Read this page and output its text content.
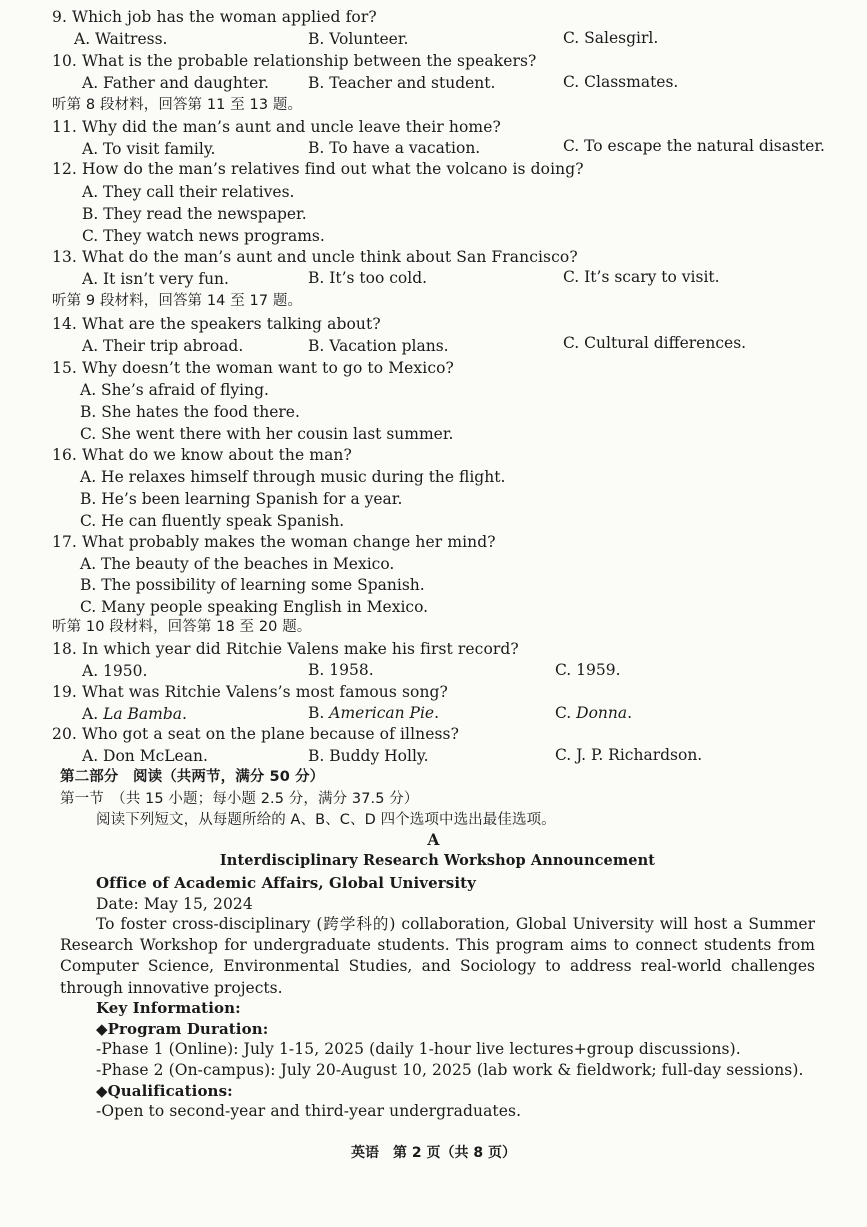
9. Which job has the woman applied for?
A. Waitress.	B. Volunteer.	C. Salesgirl.
10. What is the probable relationship between the speakers?
A. Father and daughter.	B. Teacher and student.	C. Classmates.
听第 8 段材料，回答第 11 至 13 题。
11. Why did the man’s aunt and uncle leave their home?
A. To visit family.	B. To have a vacation.	C. To escape the natural disaster.
12. How do the man’s relatives find out what the volcano is doing?
A. They call their relatives.
B. They read the newspaper.
C. They watch news programs.
13. What do the man’s aunt and uncle think about San Francisco?
A. It isn’t very fun.	B. It’s too cold.	C. It’s scary to visit.
听第 9 段材料，回答第 14 至 17 题。
14. What are the speakers talking about?
A. Their trip abroad.	B. Vacation plans.	C. Cultural differences.
15. Why doesn’t the woman want to go to Mexico?
A. She’s afraid of flying.
B. She hates the food there.
C. She went there with her cousin last summer.
16. What do we know about the man?
A. He relaxes himself through music during the flight.
B. He’s been learning Spanish for a year.
C. He can fluently speak Spanish.
17. What probably makes the woman change her mind?
A. The beauty of the beaches in Mexico.
B. The possibility of learning some Spanish.
C. Many people speaking English in Mexico.
听第 10 段材料，回答第 18 至 20 题。
18. In which year did Ritchie Valens make his first record?
A. 1950.	B. 1958.	C. 1959.
19. What was Ritchie Valens’s most famous song?
A. La Bamba.	B. American Pie.	C. Donna.
20. Who got a seat on the plane because of illness?
A. Don McLean.	B. Buddy Holly.	C. J. P. Richardson.
第二部分　阅读（共两节，满分 50 分）
第一节　（共 15 小题；每小题 2.5 分，满分 37.5 分）
阅读下列短文，从每题所给的 A、B、C、D 四个选项中选出最佳选项。
A
Interdisciplinary Research Workshop Announcement
Office of Academic Affairs, Global University
Date: May 15, 2024
To foster cross-disciplinary (跨学科的) collaboration, Global University will host a Summer Research Workshop for undergraduate students. This program aims to connect students from Computer Science, Environmental Studies, and Sociology to address real-world challenges through innovative projects.
Key Information:
◆Program Duration:
-Phase 1 (Online): July 1-15, 2025 (daily 1-hour live lectures+group discussions).
-Phase 2 (On-campus): July 20-August 10, 2025 (lab work & fieldwork; full-day sessions).
◆Qualifications:
-Open to second-year and third-year undergraduates.
英语　第 2 页（共 8 页）
